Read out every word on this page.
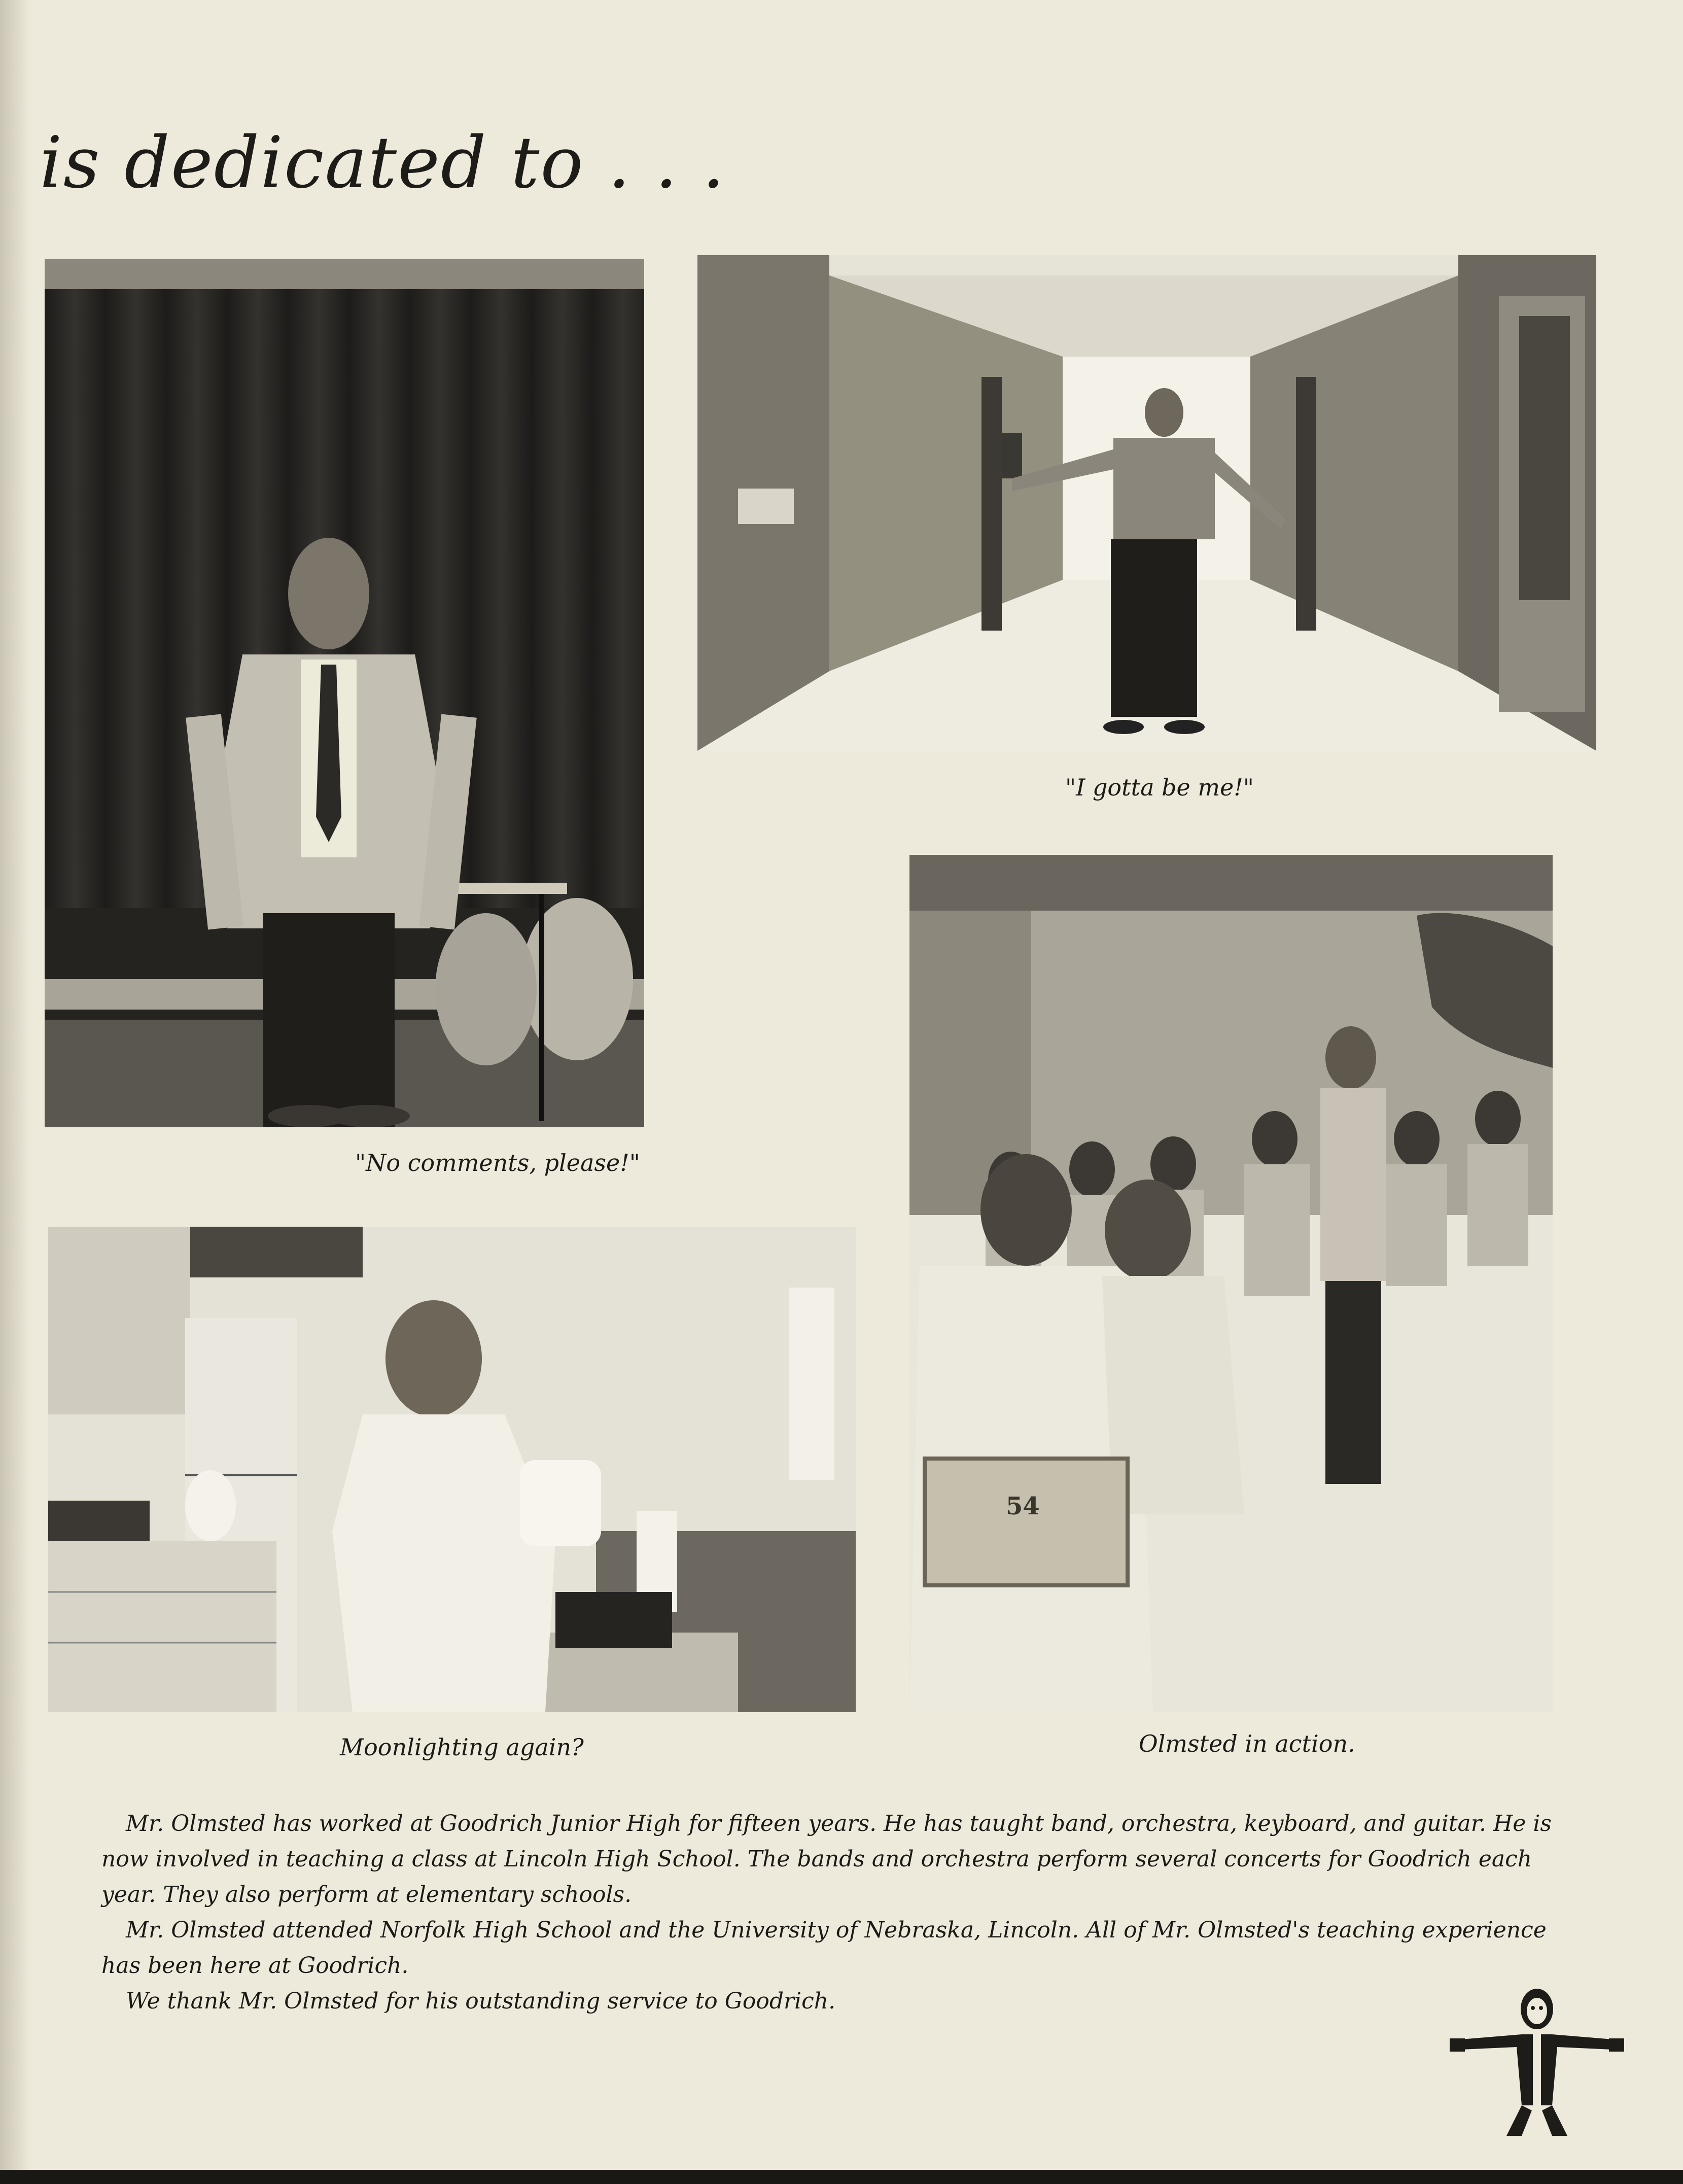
is dedicated to . . .
"No comments, please!"
"I gotta be me!"
Moonlighting again?
54
Olmsted in action.

Mr. Olmsted has worked at Goodrich Junior High for fifteen years. He has taught band, orchestra, keyboard, and guitar. He is now involved in teaching a class at Lincoln High School. The bands and orchestra perform several concerts for Goodrich each year. They also perform at elementary schools.

Mr. Olmsted attended Norfolk High School and the University of Nebraska, Lincoln. All of Mr. Olmsted's teaching experience has been here at Goodrich.

We thank Mr. Olmsted for his outstanding service to Goodrich.
